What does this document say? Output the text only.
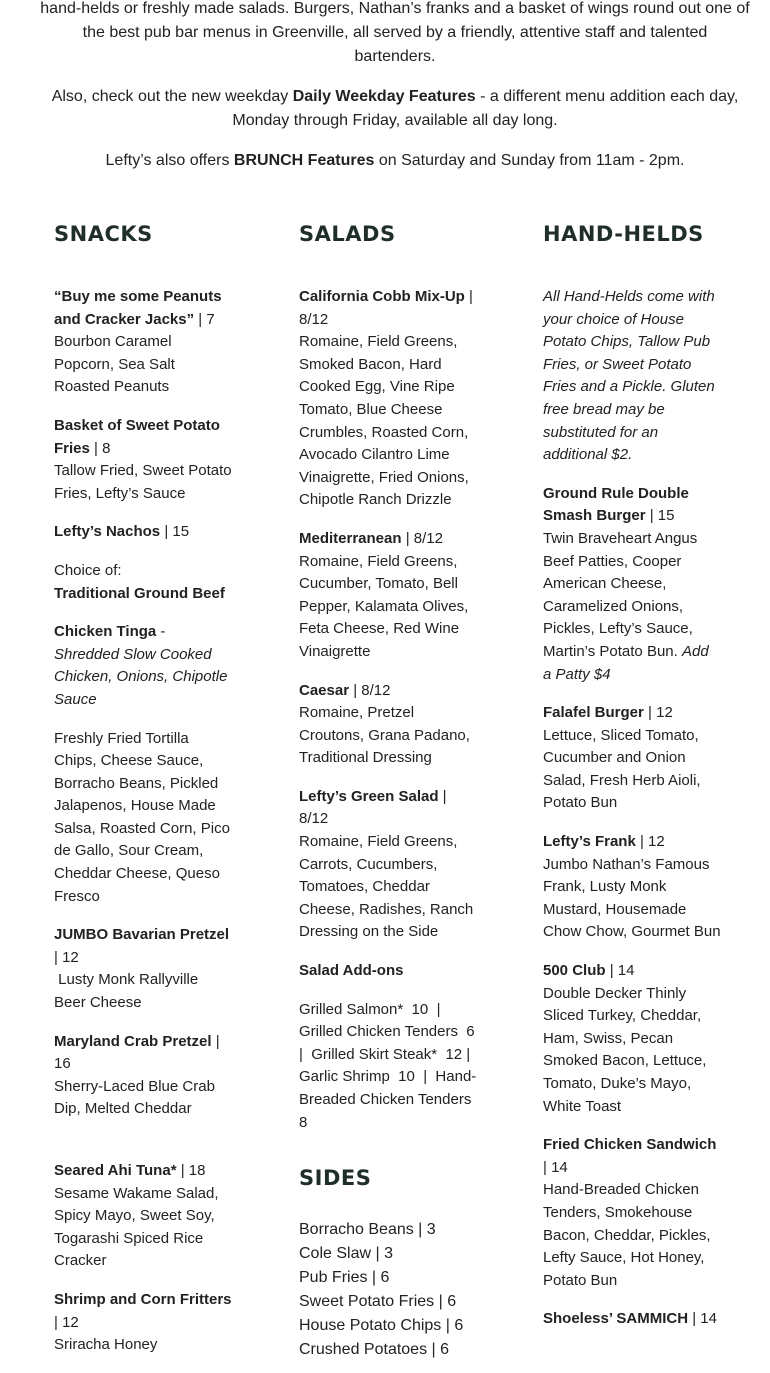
hand-helds or freshly made salads. Burgers, Nathan’s franks and a basket of wings round out one of the best pub bar menus in Greenville, all served by a friendly, attentive staff and talented bartenders.
Also, check out the new weekday Daily Weekday Features - a different menu addition each day, Monday through Friday, available all day long.
Lefty’s also offers BRUNCH Features on Saturday and Sunday from 11am - 2pm.
SNACKS

“Buy me some Peanuts and Cracker Jacks” | 7

Bourbon Caramel Popcorn, Sea Salt Roasted Peanuts

Basket of Sweet Potato Fries | 8

Tallow Fried, Sweet Potato Fries, Lefty’s Sauce

Lefty’s Nachos | 15

Choice of:

Traditional Ground Beef

Chicken Tinga - Shredded Slow Cooked Chicken, Onions, Chipotle Sauce

Freshly Fried Tortilla Chips, Cheese Sauce, Borracho Beans, Pickled Jalapenos, House Made Salsa, Roasted Corn, Pico de Gallo, Sour Cream, Cheddar Cheese, Queso Fresco

JUMBO Bavarian Pretzel | 12

Lusty Monk Rallyville Beer Cheese

Maryland Crab Pretzel | 16

Sherry-Laced Blue Crab Dip, Melted Cheddar

Seared Ahi Tuna* | 18

Sesame Wakame Salad, Spicy Mayo, Sweet Soy, Togarashi Spiced Rice Cracker

Shrimp and Corn Fritters | 12

Sriracha Honey

SALADS

California Cobb Mix-Up | 8/12

Romaine, Field Greens, Smoked Bacon, Hard Cooked Egg, Vine Ripe Tomato, Blue Cheese Crumbles, Roasted Corn, Avocado Cilantro Lime Vinaigrette, Fried Onions, Chipotle Ranch Drizzle

Mediterranean | 8/12

Romaine, Field Greens, Cucumber, Tomato, Bell Pepper, Kalamata Olives, Feta Cheese, Red Wine Vinaigrette

Caesar | 8/12

Romaine, Pretzel Croutons, Grana Padano, Traditional Dressing

Lefty’s Green Salad | 8/12

Romaine, Field Greens, Carrots, Cucumbers, Tomatoes, Cheddar Cheese, Radishes, Ranch Dressing on the Side

Salad Add-ons

Grilled Salmon*  10  |  Grilled Chicken Tenders  6  |  Grilled Skirt Steak*  12 | Garlic Shrimp  10  |  Hand-Breaded Chicken Tenders  8

SIDES
Borracho Beans | 3
Cole Slaw | 3
Pub Fries | 6
Sweet Potato Fries | 6
House Potato Chips | 6
Crushed Potatoes | 6
HAND-HELDS

All Hand-Helds come with your choice of House Potato Chips, Tallow Pub Fries, or Sweet Potato Fries and a Pickle. Gluten free bread may be substituted for an additional $2.

Ground Rule Double Smash Burger | 15

Twin Braveheart Angus Beef Patties, Cooper American Cheese, Caramelized Onions, Pickles, Lefty’s Sauce, Martin’s Potato Bun. Add a Patty $4

Falafel Burger | 12

Lettuce, Sliced Tomato, Cucumber and Onion Salad, Fresh Herb Aioli, Potato Bun

Lefty’s Frank | 12

Jumbo Nathan’s Famous Frank, Lusty Monk Mustard, Housemade Chow Chow, Gourmet Bun

500 Club | 14

Double Decker Thinly Sliced Turkey, Cheddar, Ham, Swiss, Pecan Smoked Bacon, Lettuce, Tomato, Duke’s Mayo, White Toast

Fried Chicken Sandwich | 14

Hand-Breaded Chicken Tenders, Smokehouse Bacon, Cheddar, Pickles, Lefty Sauce, Hot Honey, Potato Bun

Shoeless’ SAMMICH | 14
